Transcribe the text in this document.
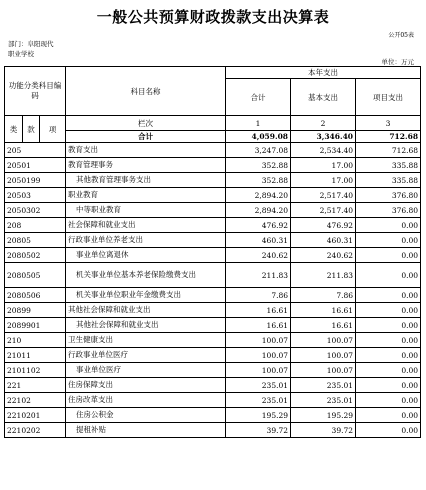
一般公共预算财政拨款支出决算表
公开05表
部门：阜阳现代
职业学校
单位：万元
功能分类科目编码			科目名称	本年支出		
				合计	基本支出	项目支出
类	款	项	栏次	1	2	3
			合计	4,059.08	3,346.40	712.68
205			教育支出	3,247.08	2,534.40	712.68
20501			教育管理事务	352.88	17.00	335.88
2050199			其他教育管理事务支出	352.88	17.00	335.88
20503			职业教育	2,894.20	2,517.40	376.80
2050302			中等职业教育	2,894.20	2,517.40	376.80
208			社会保障和就业支出	476.92	476.92	0.00
20805			行政事业单位养老支出	460.31	460.31	0.00
2080502			事业单位离退休	240.62	240.62	0.00
2080505			机关事业单位基本养老保险缴费支出	211.83	211.83	0.00
2080506			机关事业单位职业年金缴费支出	7.86	7.86	0.00
20899			其他社会保障和就业支出	16.61	16.61	0.00
2089901			其他社会保障和就业支出	16.61	16.61	0.00
210			卫生健康支出	100.07	100.07	0.00
21011			行政事业单位医疗	100.07	100.07	0.00
2101102			事业单位医疗	100.07	100.07	0.00
221			住房保障支出	235.01	235.01	0.00
22102			住房改革支出	235.01	235.01	0.00
2210201			住房公积金	195.29	195.29	0.00
2210202			提租补贴	39.72	39.72	0.00
